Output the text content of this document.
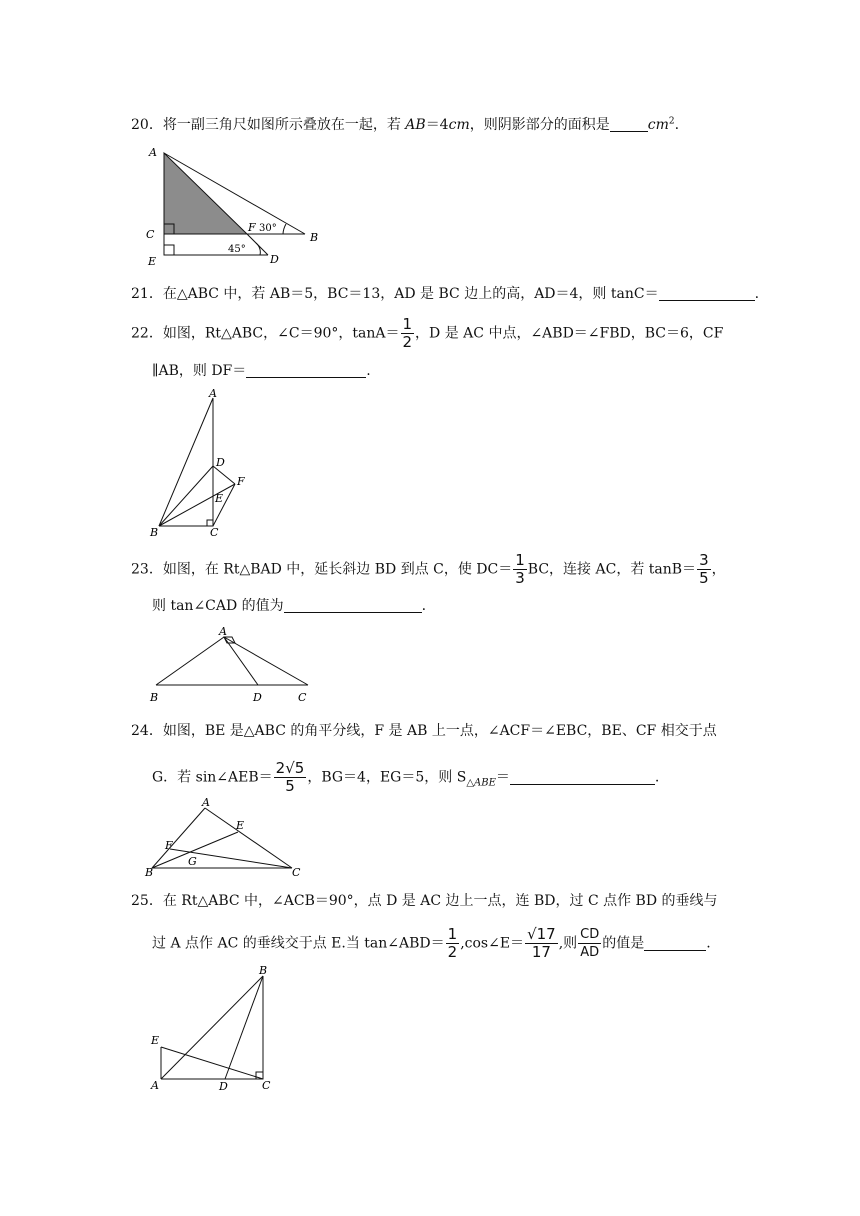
20．将一副三角尺如图所示叠放在一起，若 AB＝4cm，则阴影部分的面积是	$cm^2$.
A
C
E
F
B
D
30°
45°
21．在△ABC 中，若 AB＝5，BC＝13，AD 是 BC 边上的高，AD＝4，则 tanC＝	.
22．如图，Rt△ABC，∠C＝90°，$\tan A= \frac{1}{2}$ ，D 是 AC 中点，∠ABD＝∠FBD，BC＝6，CF
∥AB，则 DF＝	.
A
D
F
E
B	C
23．如图，在 Rt△BAD 中，延长斜边 BD 到点 C，使 $DC= \frac{1}{3}$ BC，连接 AC，若 $\tan B= \frac{3}{5}$ ，
则 tan∠CAD 的值为	.
A
B	D	C
24．如图，BE 是△ABC 的角平分线，F 是 AB 上一点，∠ACF＝∠EBC，BE、CF 相交于点
G．若 sin∠AEB＝ $\frac{2√5}{5}$ ，BG＝4，EG＝5，则 $S_{\triangle ABE}=$	.
A
E
F
G
B	C
25．在 Rt△ABC 中，∠ACB＝90°，点 D 是 AC 边上一点，连 BD，过 C 点作 BD 的垂线与
过 A 点作 AC 的垂线交于点 E.当 tan∠ABD＝ $\frac{1}{2}$ ,cos∠E＝ $\frac{√17}{17}$ ,则 $\frac{CD}{AD}$ 的值是	.
B
E
A	D	C
